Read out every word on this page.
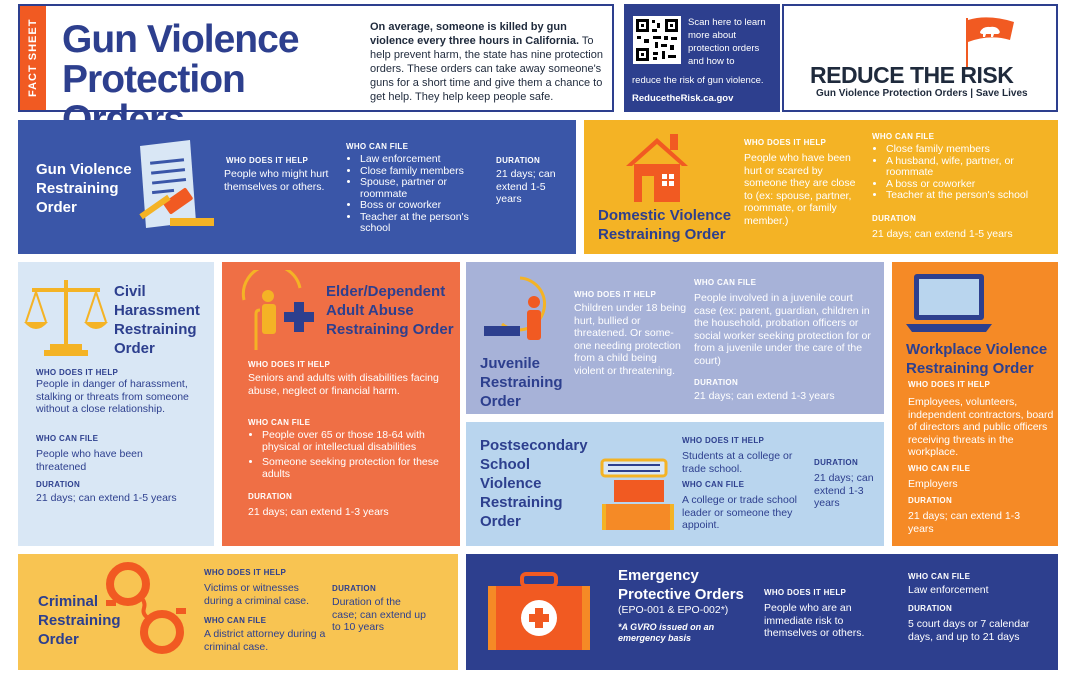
FACT SHEET Gun Violence
Protection
On average, someone is killed by gun violence every three hours in California. To help prevent harm, the state has nine protection orders. These orders can take away someone's guns for a short time and give them a chance to get help. They help keep people safe.
Scan here to learn more about protection orders and how to
reduce the risk of gun violence.
ReducetheRisk.ca.gov
REDUCE THE RISK
Gun Violence Protection Orders | Save Lives
Gun Violence Restraining Order
WHO DOES IT HELP
People who might hurt themselves or others.
WHO CAN FILE
• Law enforcement
• Close family members
• Spouse, partner or roommate
• Boss or coworker
• Teacher at the person's school
DURATION
21 days; can extend 1-5 years
Domestic Violence Restraining Order
WHO DOES IT HELP
People who have been hurt or scared by someone they are close to (ex: spouse, partner, roommate, or family member.)
WHO CAN FILE
• Close family members
• A husband, wife, partner, or roommate
• A boss or coworker
• Teacher at the person's school
DURATION
21 days; can extend 1-5 years
Civil Harassment Restraining Order
WHO DOES IT HELP
People in danger of harassment, stalking or threats from someone without a close relationship.
WHO CAN FILE
People who have been threatened
DURATION
21 days; can extend 1-5 years
Elder/Dependent Adult Abuse Restraining Order
WHO DOES IT HELP
Seniors and adults with disabilities facing abuse, neglect or financial harm.
WHO CAN FILE
• People over 65 or those 18-64 with physical or intellectual disabilities
• Someone seeking protection for these adults
DURATION
21 days; can extend 1-3 years
Juvenile Restraining Order
WHO DOES IT HELP
Children under 18 being hurt, bullied or threatened. Or some-one needing protection from a child being violent or threatening.
WHO CAN FILE
People involved in a juvenile court case (ex: parent, guardian, children in the household, probation officers or social worker seeking protection for or from a juvenile under the care of the court)
DURATION
21 days; can extend 1-3 years
Postsecondary School Violence Restraining Order
WHO DOES IT HELP
Students at a college or trade school.
WHO CAN FILE
A college or trade school leader or someone they appoint.
DURATION
21 days; can extend 1-3 years
Workplace Violence Restraining Order
WHO DOES IT HELP
Employees, volunteers, independent contractors, board of directors and public officers receiving threats in the workplace.
WHO CAN FILE
Employers
DURATION
21 days; can extend 1-3 years
Criminal Restraining Order
WHO DOES IT HELP
Victims or witnesses during a criminal case.
WHO CAN FILE
A district attorney during a criminal case.
DURATION
Duration of the case; can extend up to 10 years
Emergency Protective Orders
(EPO-001 & EPO-002*)
*A GVRO issued on an emergency basis
WHO DOES IT HELP
People who are an immediate risk to themselves or others.
WHO CAN FILE
Law enforcement
DURATION
5 court days or 7 calendar days, and up to 21 days
